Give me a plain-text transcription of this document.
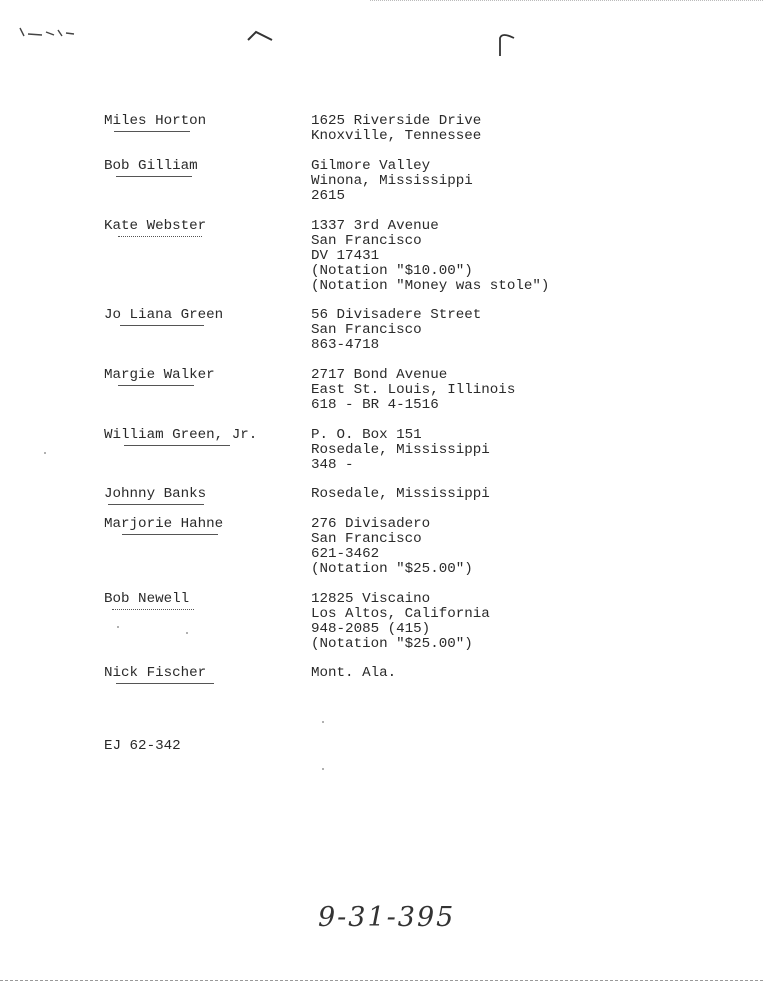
Miles Horton	1625 Riverside Drive
Knoxville, Tennessee
Bob Gilliam	Gilmore Valley
Winona, Mississippi
2615
Kate Webster	1337 3rd Avenue
San Francisco
DV 17431
(Notation "$10.00")
(Notation "Money was stole")
Jo Liana Green	56 Divisadere Street
San Francisco
863-4718
Margie Walker	2717 Bond Avenue
East St. Louis, Illinois
618 - BR 4-1516
William Green, Jr.	P. O. Box 151
Rosedale, Mississippi
348 -
Johnny Banks	Rosedale, Mississippi
Marjorie Hahne	276 Divisadero
San Francisco
621-3462
(Notation "$25.00")
Bob Newell	12825 Viscaino
Los Altos, California
948-2085 (415)
(Notation "$25.00")
Nick Fischer	Mont. Ala.
EJ 62-342
9-31-395
